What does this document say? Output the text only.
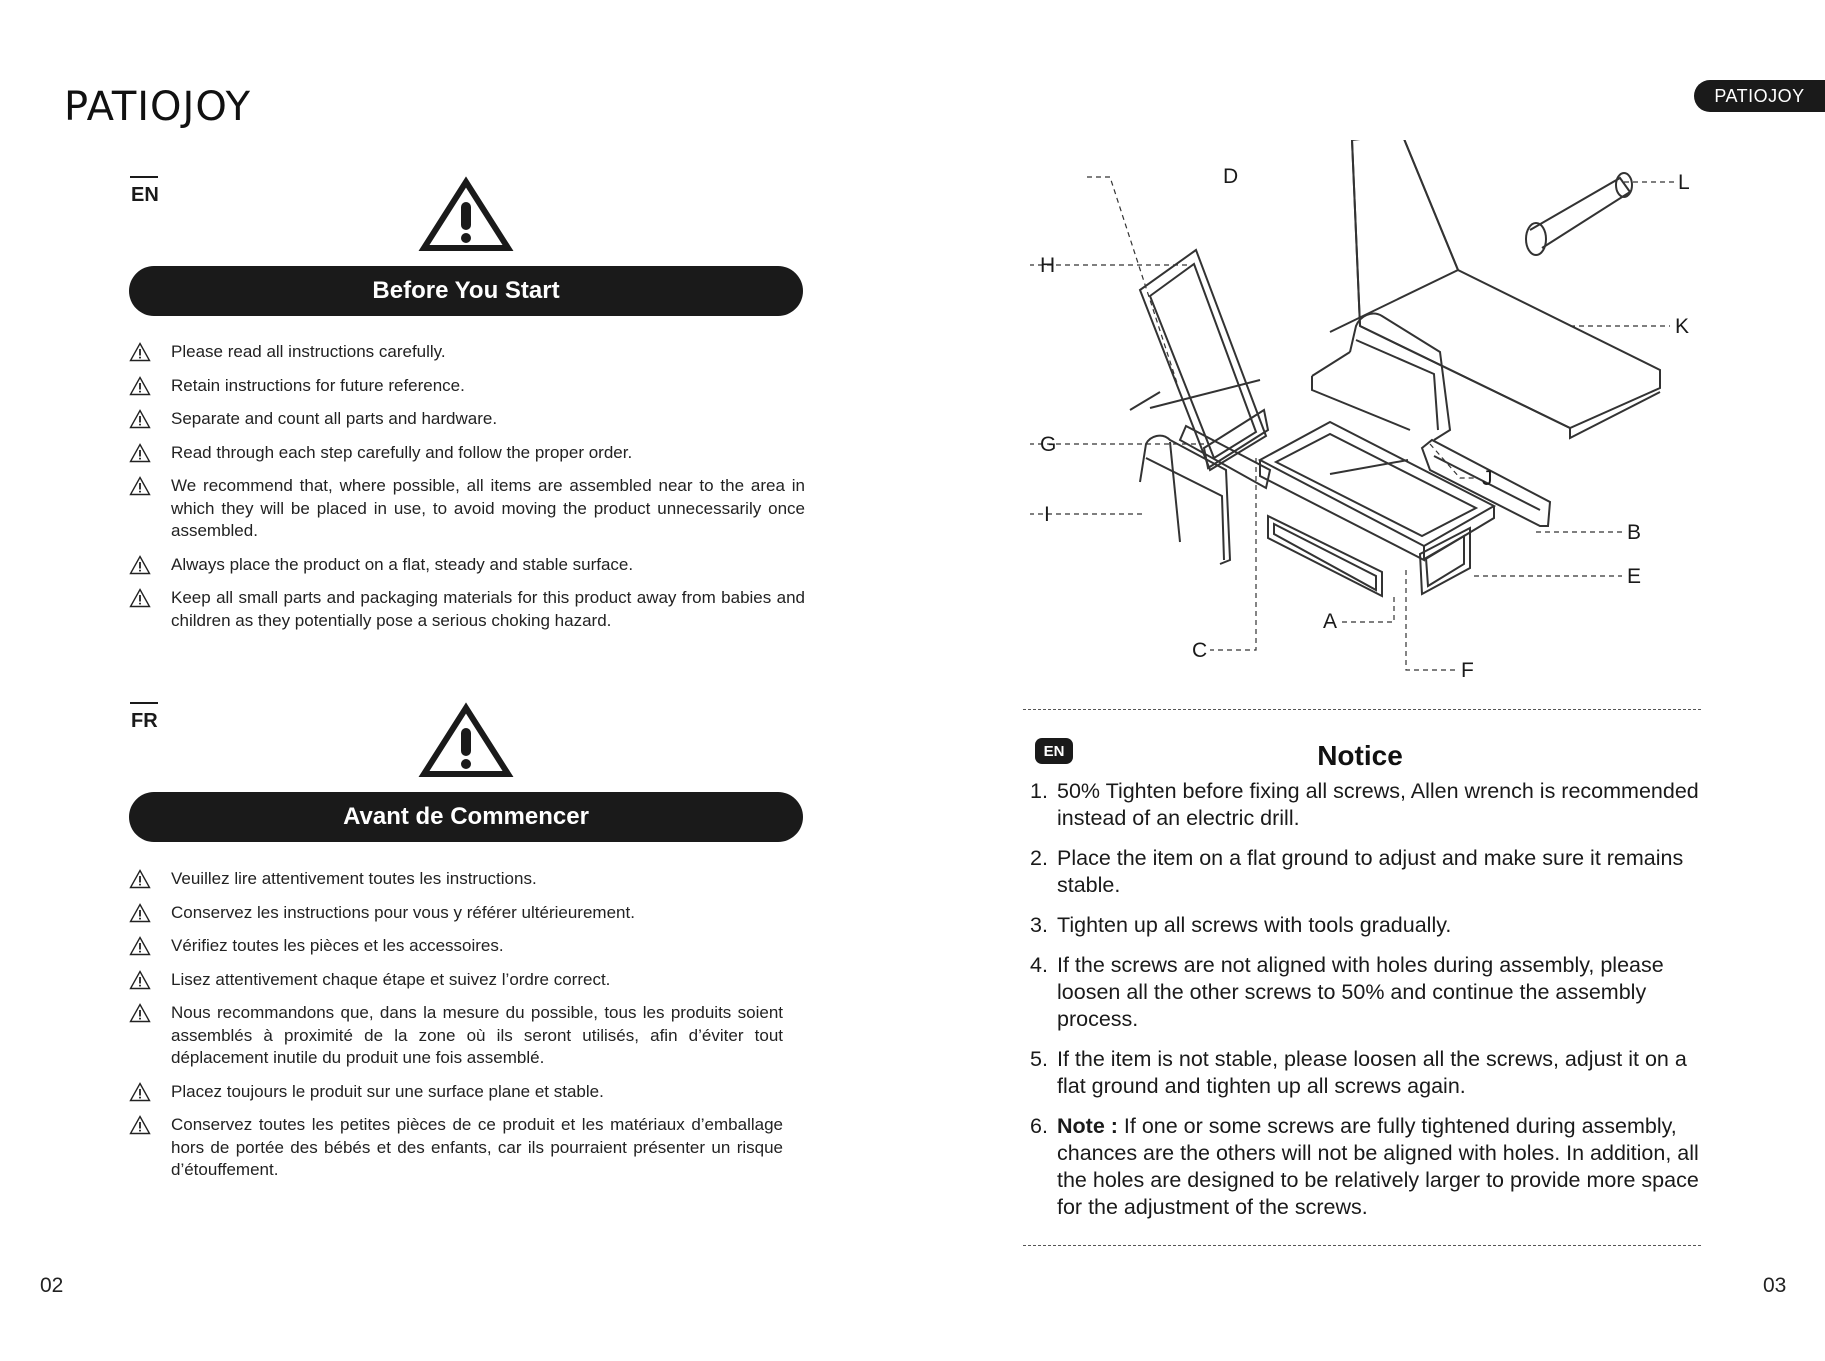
PATIOJOY	PATIOJOY
EN
Before You Start
Please read all instructions carefully.
Retain instructions for future reference.
Separate and count all parts and hardware.
Read through each step carefully and follow the proper order.
We recommend that, where possible, all items are assembled near to the area in which they will be placed in use, to avoid moving the product unnecessarily once assembled.
Always place the product on a flat, steady and stable surface.
Keep all small parts and packaging materials for this product away from babies and children as they potentially pose a serious choking hazard.
FR
Avant de Commencer
Veuillez lire attentivement toutes les instructions.
Conservez les instructions pour vous y référer ultérieurement.
Vérifiez toutes les pièces et les accessoires.
Lisez attentivement chaque étape et suivez l’ordre correct.
Nous recommandons que, dans la mesure du possible, tous les produits soient assemblés à proximité de la zone où ils seront utilisés, afin d’éviter tout déplacement inutile du produit une fois assemblé.
Placez toujours le produit sur une surface plane et stable.
Conservez toutes les petites pièces de ce produit et les matériaux d’emballage hors de portée des bébés et des enfants, car ils pourraient présenter un risque d’étouffement.
02
A
B
C
D
E
F
G
H
I
J
K
L
EN	Notice
1. 50% Tighten before fixing all screws, Allen wrench is recommended instead of an electric drill.
2. Place the item on a flat ground to adjust and make sure it remains stable.
3. Tighten up all screws with tools gradually.
4. If the screws are not aligned with holes during assembly, please loosen all the other screws to 50% and continue the assembly process.
5. If the item is not stable, please loosen all the screws, adjust it on a flat ground and tighten up all screws again.
6. Note : If one or some screws are fully tightened during assembly, chances are the others will not be aligned with holes. In addition, all the holes are designed to be relatively larger to provide more space for the adjustment of the screws.
03
